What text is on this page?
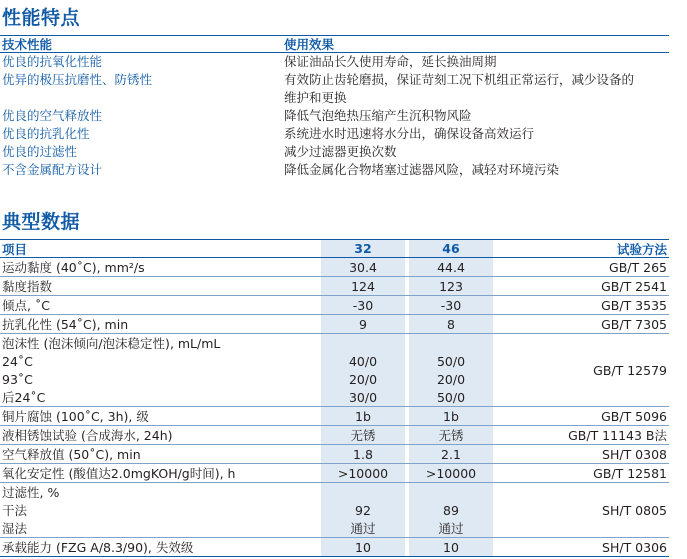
性能特点
技术性能	使用效果
优良的抗氧化性能	保证油品长久使用寿命，延长换油周期
优异的极压抗磨性、防锈性	有效防止齿轮磨损，保证苛刻工况下机组正常运行，减少设备的
维护和更换
优良的空气释放性	降低气泡绝热压缩产生沉积物风险
优良的抗乳化性	系统进水时迅速将水分出，确保设备高效运行
优良的过滤性	减少过滤器更换次数
不含金属配方设计	降低金属化合物堵塞过滤器风险，减轻对环境污染
典型数据
项目	32	46	试验方法
运动黏度 (40˚C), mm²/s	30.4	44.4	GB/T 265
黏度指数	124	123	GB/T 2541
倾点, ˚C	-30	-30	GB/T 3535
抗乳化性 (54˚C), min	9	8	GB/T 7305
泡沫性 (泡沫倾向/泡沫稳定性), mL/mL
24˚C	40/0	50/0
93˚C	20/0	20/0
后24˚C	30/0	50/0
GB/T 12579
铜片腐蚀 (100˚C, 3h), 级	1b	1b	GB/T 5096
液相锈蚀试验 (合成海水, 24h)	无锈	无锈	GB/T 11143 B法
空气释放值 (50˚C), min	1.8	2.1	SH/T 0308
氧化安定性 (酸值达2.0mgKOH/g时间), h	>10000	>10000	GB/T 12581
过滤性, %
干法	92	89
湿法	通过	通过
SH/T 0805
承载能力 (FZG A/8.3/90), 失效级	10	10	SH/T 0306
